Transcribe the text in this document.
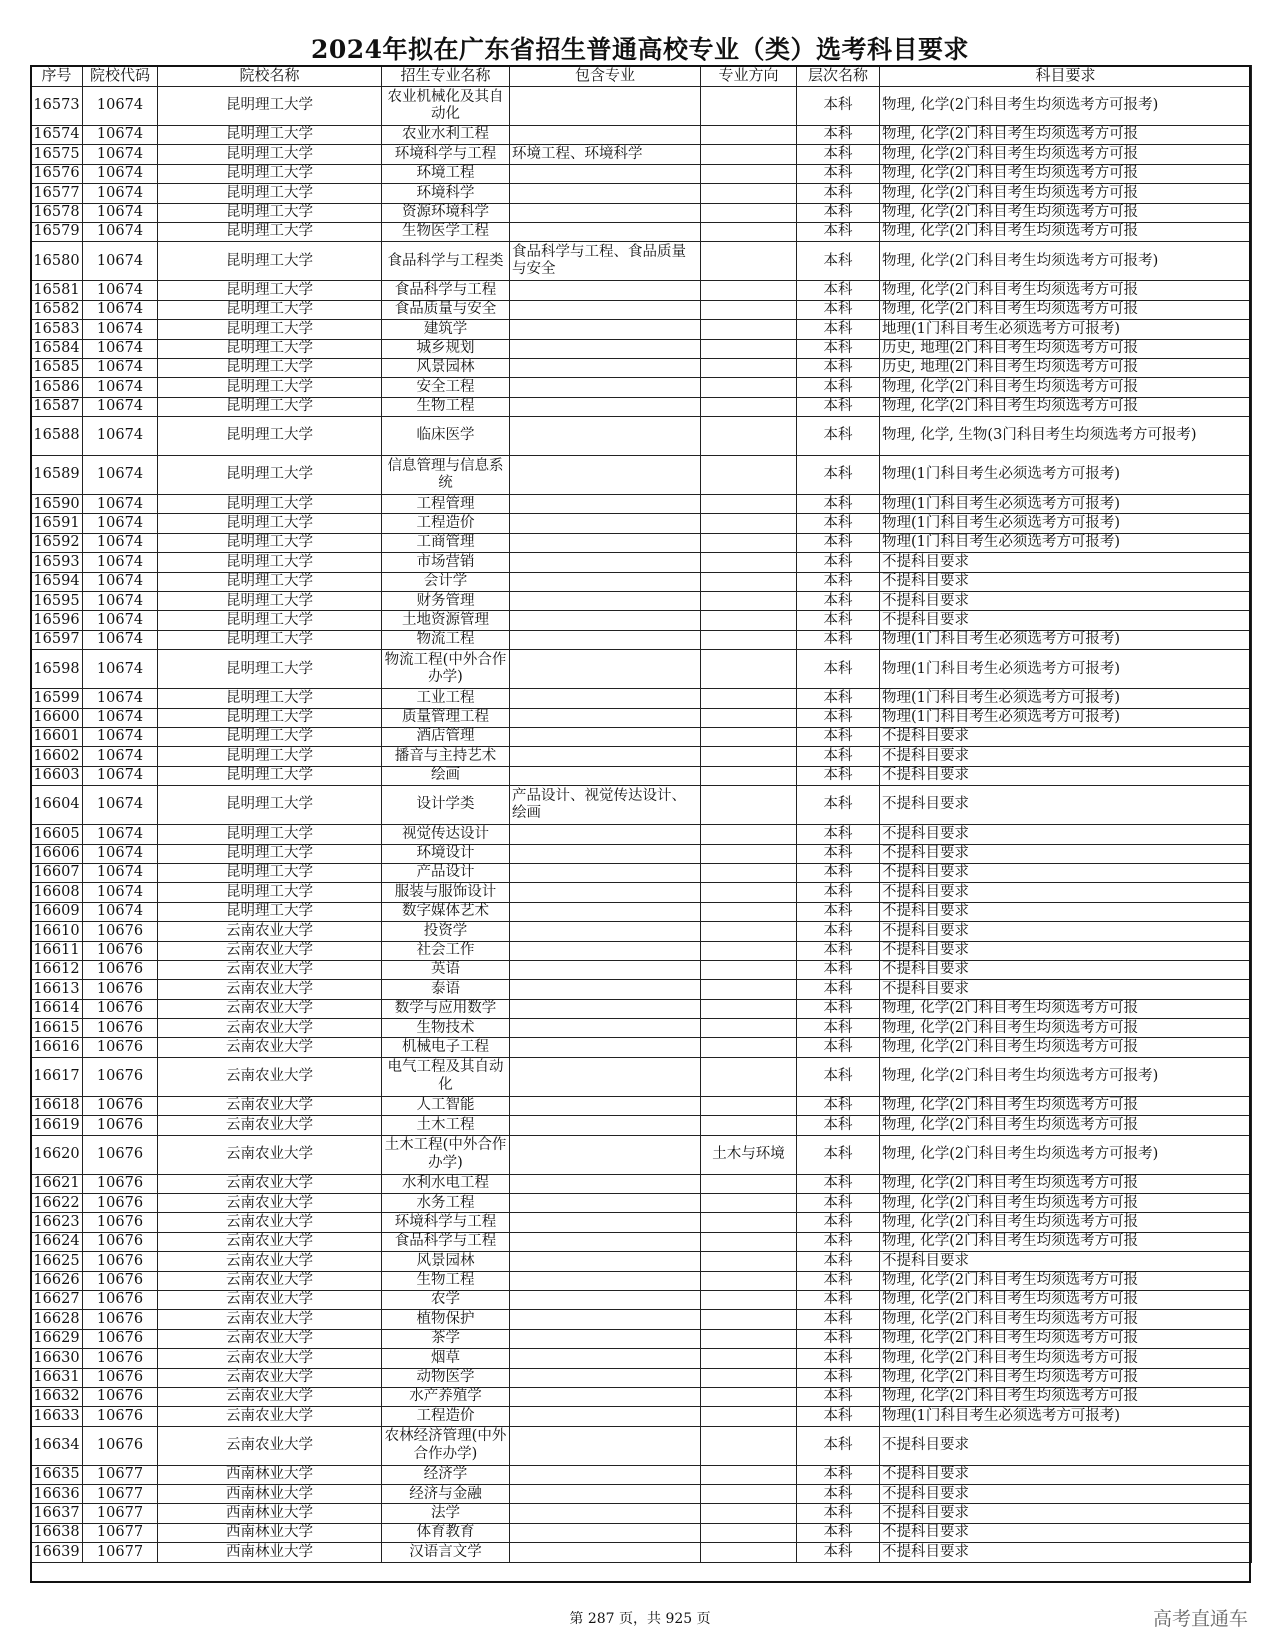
2024年拟在广东省招生普通高校专业（类）选考科目要求
序号	院校代码	院校名称	招生专业名称	包含专业	专业方向	层次名称	科目要求
16573	10674	昆明理工大学	农业机械化及其自动化			本科	物理, 化学(2门科目考生均须选考方可报考)
16574	10674	昆明理工大学	农业水利工程			本科	物理, 化学(2门科目考生均须选考方可报
16575	10674	昆明理工大学	环境科学与工程	环境工程、环境科学		本科	物理, 化学(2门科目考生均须选考方可报
16576	10674	昆明理工大学	环境工程			本科	物理, 化学(2门科目考生均须选考方可报
16577	10674	昆明理工大学	环境科学			本科	物理, 化学(2门科目考生均须选考方可报
16578	10674	昆明理工大学	资源环境科学			本科	物理, 化学(2门科目考生均须选考方可报
16579	10674	昆明理工大学	生物医学工程			本科	物理, 化学(2门科目考生均须选考方可报
16580	10674	昆明理工大学	食品科学与工程类	食品科学与工程、食品质量与安全		本科	物理, 化学(2门科目考生均须选考方可报考)
16581	10674	昆明理工大学	食品科学与工程			本科	物理, 化学(2门科目考生均须选考方可报
16582	10674	昆明理工大学	食品质量与安全			本科	物理, 化学(2门科目考生均须选考方可报
16583	10674	昆明理工大学	建筑学			本科	地理(1门科目考生必须选考方可报考)
16584	10674	昆明理工大学	城乡规划			本科	历史, 地理(2门科目考生均须选考方可报
16585	10674	昆明理工大学	风景园林			本科	历史, 地理(2门科目考生均须选考方可报
16586	10674	昆明理工大学	安全工程			本科	物理, 化学(2门科目考生均须选考方可报
16587	10674	昆明理工大学	生物工程			本科	物理, 化学(2门科目考生均须选考方可报
16588	10674	昆明理工大学	临床医学			本科	物理, 化学, 生物(3门科目考生均须选考方可报考)
16589	10674	昆明理工大学	信息管理与信息系统			本科	物理(1门科目考生必须选考方可报考)
16590	10674	昆明理工大学	工程管理			本科	物理(1门科目考生必须选考方可报考)
16591	10674	昆明理工大学	工程造价			本科	物理(1门科目考生必须选考方可报考)
16592	10674	昆明理工大学	工商管理			本科	物理(1门科目考生必须选考方可报考)
16593	10674	昆明理工大学	市场营销			本科	不提科目要求
16594	10674	昆明理工大学	会计学			本科	不提科目要求
16595	10674	昆明理工大学	财务管理			本科	不提科目要求
16596	10674	昆明理工大学	土地资源管理			本科	不提科目要求
16597	10674	昆明理工大学	物流工程			本科	物理(1门科目考生必须选考方可报考)
16598	10674	昆明理工大学	物流工程(中外合作办学)			本科	物理(1门科目考生必须选考方可报考)
16599	10674	昆明理工大学	工业工程			本科	物理(1门科目考生必须选考方可报考)
16600	10674	昆明理工大学	质量管理工程			本科	物理(1门科目考生必须选考方可报考)
16601	10674	昆明理工大学	酒店管理			本科	不提科目要求
16602	10674	昆明理工大学	播音与主持艺术			本科	不提科目要求
16603	10674	昆明理工大学	绘画			本科	不提科目要求
16604	10674	昆明理工大学	设计学类	产品设计、视觉传达设计、绘画		本科	不提科目要求
16605	10674	昆明理工大学	视觉传达设计			本科	不提科目要求
16606	10674	昆明理工大学	环境设计			本科	不提科目要求
16607	10674	昆明理工大学	产品设计			本科	不提科目要求
16608	10674	昆明理工大学	服装与服饰设计			本科	不提科目要求
16609	10674	昆明理工大学	数字媒体艺术			本科	不提科目要求
16610	10676	云南农业大学	投资学			本科	不提科目要求
16611	10676	云南农业大学	社会工作			本科	不提科目要求
16612	10676	云南农业大学	英语			本科	不提科目要求
16613	10676	云南农业大学	泰语			本科	不提科目要求
16614	10676	云南农业大学	数学与应用数学			本科	物理, 化学(2门科目考生均须选考方可报
16615	10676	云南农业大学	生物技术			本科	物理, 化学(2门科目考生均须选考方可报
16616	10676	云南农业大学	机械电子工程			本科	物理, 化学(2门科目考生均须选考方可报
16617	10676	云南农业大学	电气工程及其自动化			本科	物理, 化学(2门科目考生均须选考方可报考)
16618	10676	云南农业大学	人工智能			本科	物理, 化学(2门科目考生均须选考方可报
16619	10676	云南农业大学	土木工程			本科	物理, 化学(2门科目考生均须选考方可报
16620	10676	云南农业大学	土木工程(中外合作办学)		土木与环境	本科	物理, 化学(2门科目考生均须选考方可报考)
16621	10676	云南农业大学	水利水电工程			本科	物理, 化学(2门科目考生均须选考方可报
16622	10676	云南农业大学	水务工程			本科	物理, 化学(2门科目考生均须选考方可报
16623	10676	云南农业大学	环境科学与工程			本科	物理, 化学(2门科目考生均须选考方可报
16624	10676	云南农业大学	食品科学与工程			本科	物理, 化学(2门科目考生均须选考方可报
16625	10676	云南农业大学	风景园林			本科	不提科目要求
16626	10676	云南农业大学	生物工程			本科	物理, 化学(2门科目考生均须选考方可报
16627	10676	云南农业大学	农学			本科	物理, 化学(2门科目考生均须选考方可报
16628	10676	云南农业大学	植物保护			本科	物理, 化学(2门科目考生均须选考方可报
16629	10676	云南农业大学	茶学			本科	物理, 化学(2门科目考生均须选考方可报
16630	10676	云南农业大学	烟草			本科	物理, 化学(2门科目考生均须选考方可报
16631	10676	云南农业大学	动物医学			本科	物理, 化学(2门科目考生均须选考方可报
16632	10676	云南农业大学	水产养殖学			本科	物理, 化学(2门科目考生均须选考方可报
16633	10676	云南农业大学	工程造价			本科	物理(1门科目考生必须选考方可报考)
16634	10676	云南农业大学	农林经济管理(中外合作办学)			本科	不提科目要求
16635	10677	西南林业大学	经济学			本科	不提科目要求
16636	10677	西南林业大学	经济与金融			本科	不提科目要求
16637	10677	西南林业大学	法学			本科	不提科目要求
16638	10677	西南林业大学	体育教育			本科	不提科目要求
16639	10677	西南林业大学	汉语言文学			本科	不提科目要求
第 287 页，共 925 页	高考直通车
